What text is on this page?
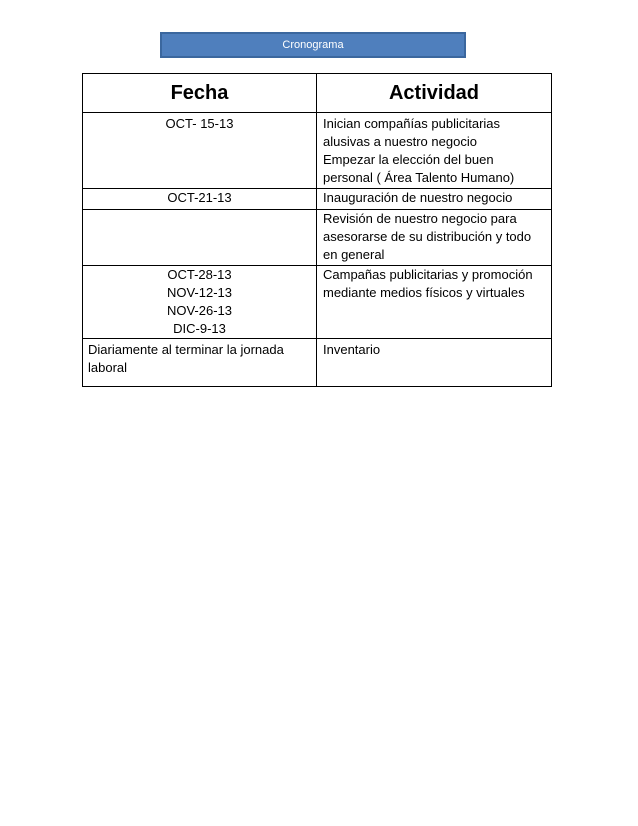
Cronograma
Fecha	Actividad

OCT- 15-13	Inician compañías publicitarias
alusivas a nuestro negocio
Empezar la elección del buen
personal ( Área Talento Humano)

OCT-21-13	Inauguración de nuestro negocio

	Revisión de nuestro negocio para
asesorarse de su distribución y todo
en general

OCT-28-13
NOV-12-13
NOV-26-13
DIC-9-13	Campañas publicitarias y promoción
mediante medios físicos y virtuales

Diariamente al terminar la jornada
laboral	Inventario
